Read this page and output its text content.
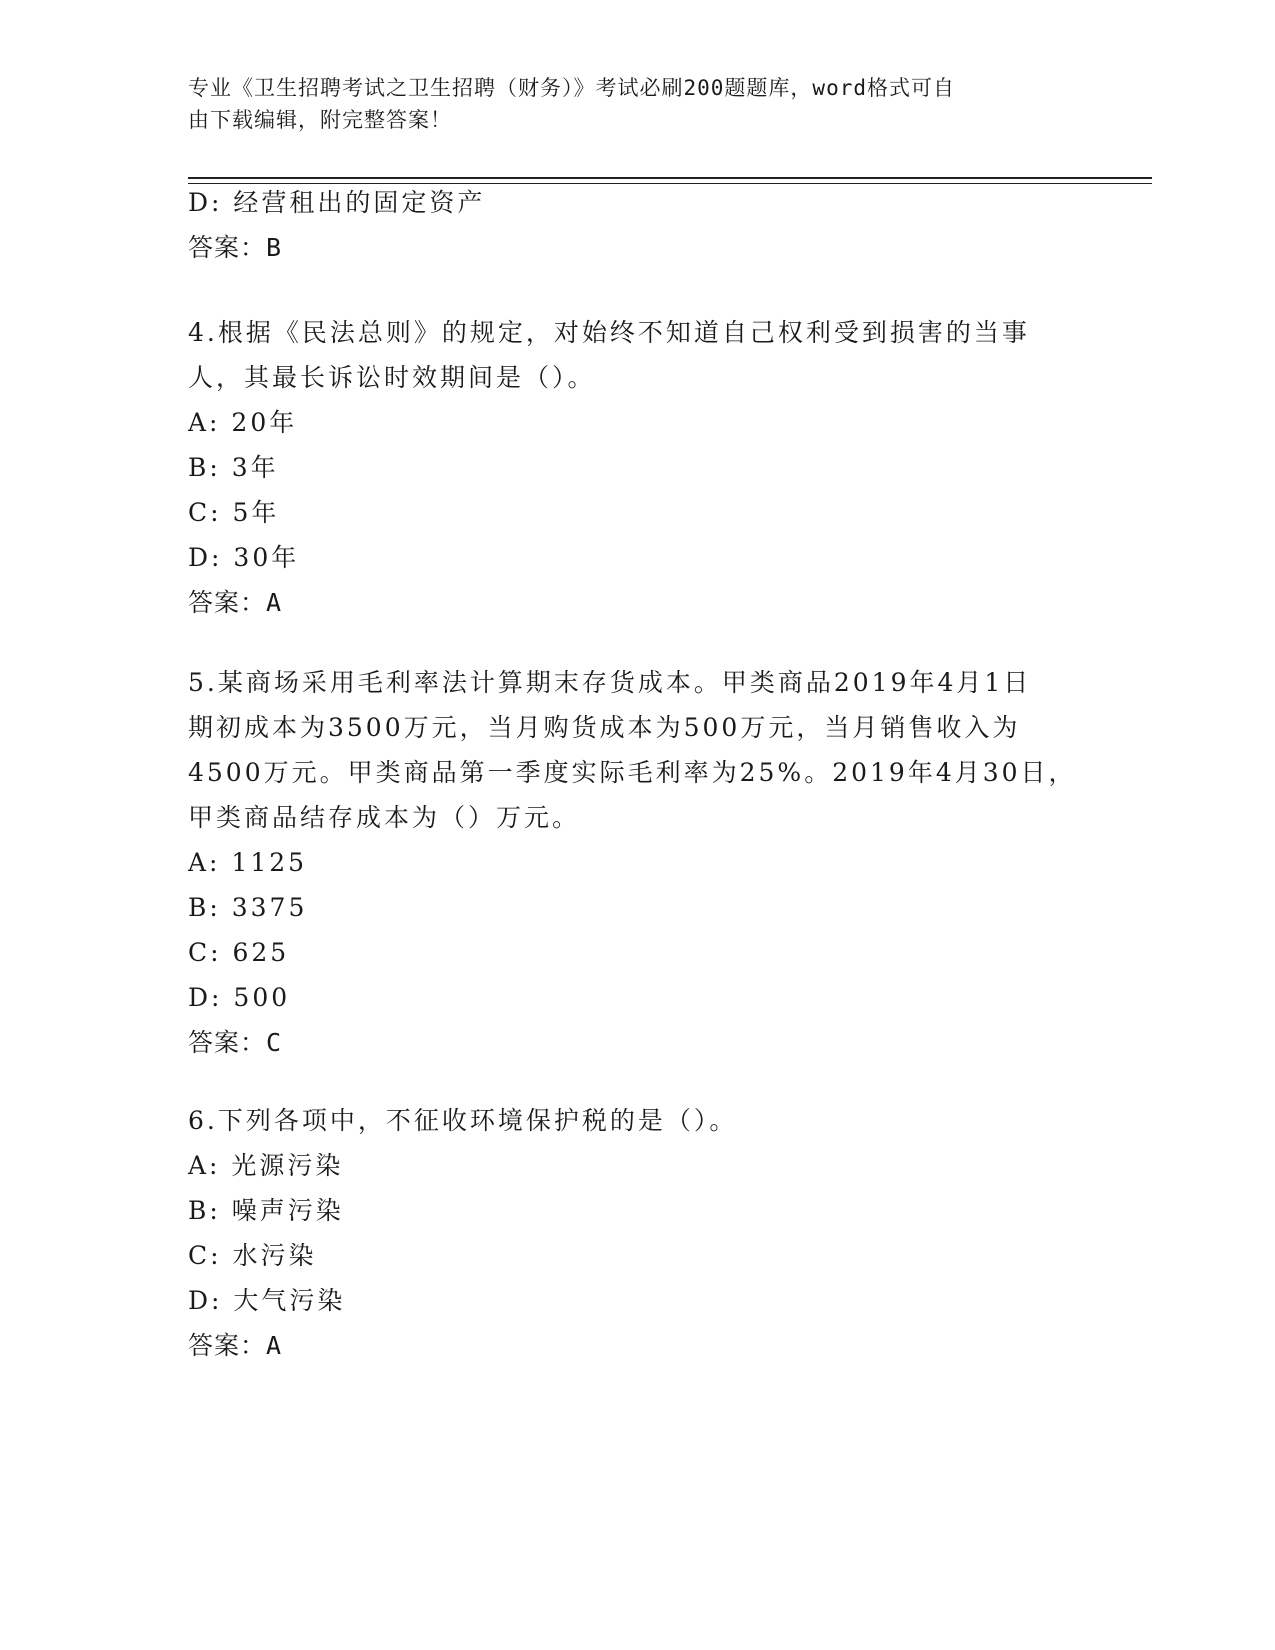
专业《卫生招聘考试之卫生招聘（财务）》考试必刷200题题库，word格式可自
由下载编辑，附完整答案！
D: 经营租出的固定资产
答案：B
4.根据《民法总则》的规定，对始终不知道自己权利受到损害的当事
人，其最长诉讼时效期间是（）。
A: 20年
B: 3年
C: 5年
D: 30年
答案：A
5.某商场采用毛利率法计算期末存货成本。甲类商品2019年4月1日
期初成本为3500万元，当月购货成本为500万元，当月销售收入为
4500万元。甲类商品第一季度实际毛利率为25%。2019年4月30日，
甲类商品结存成本为（）万元。
A: 1125
B: 3375
C: 625
D: 500
答案：C
6.下列各项中，不征收环境保护税的是（）。
A: 光源污染
B: 噪声污染
C: 水污染
D: 大气污染
答案：A
